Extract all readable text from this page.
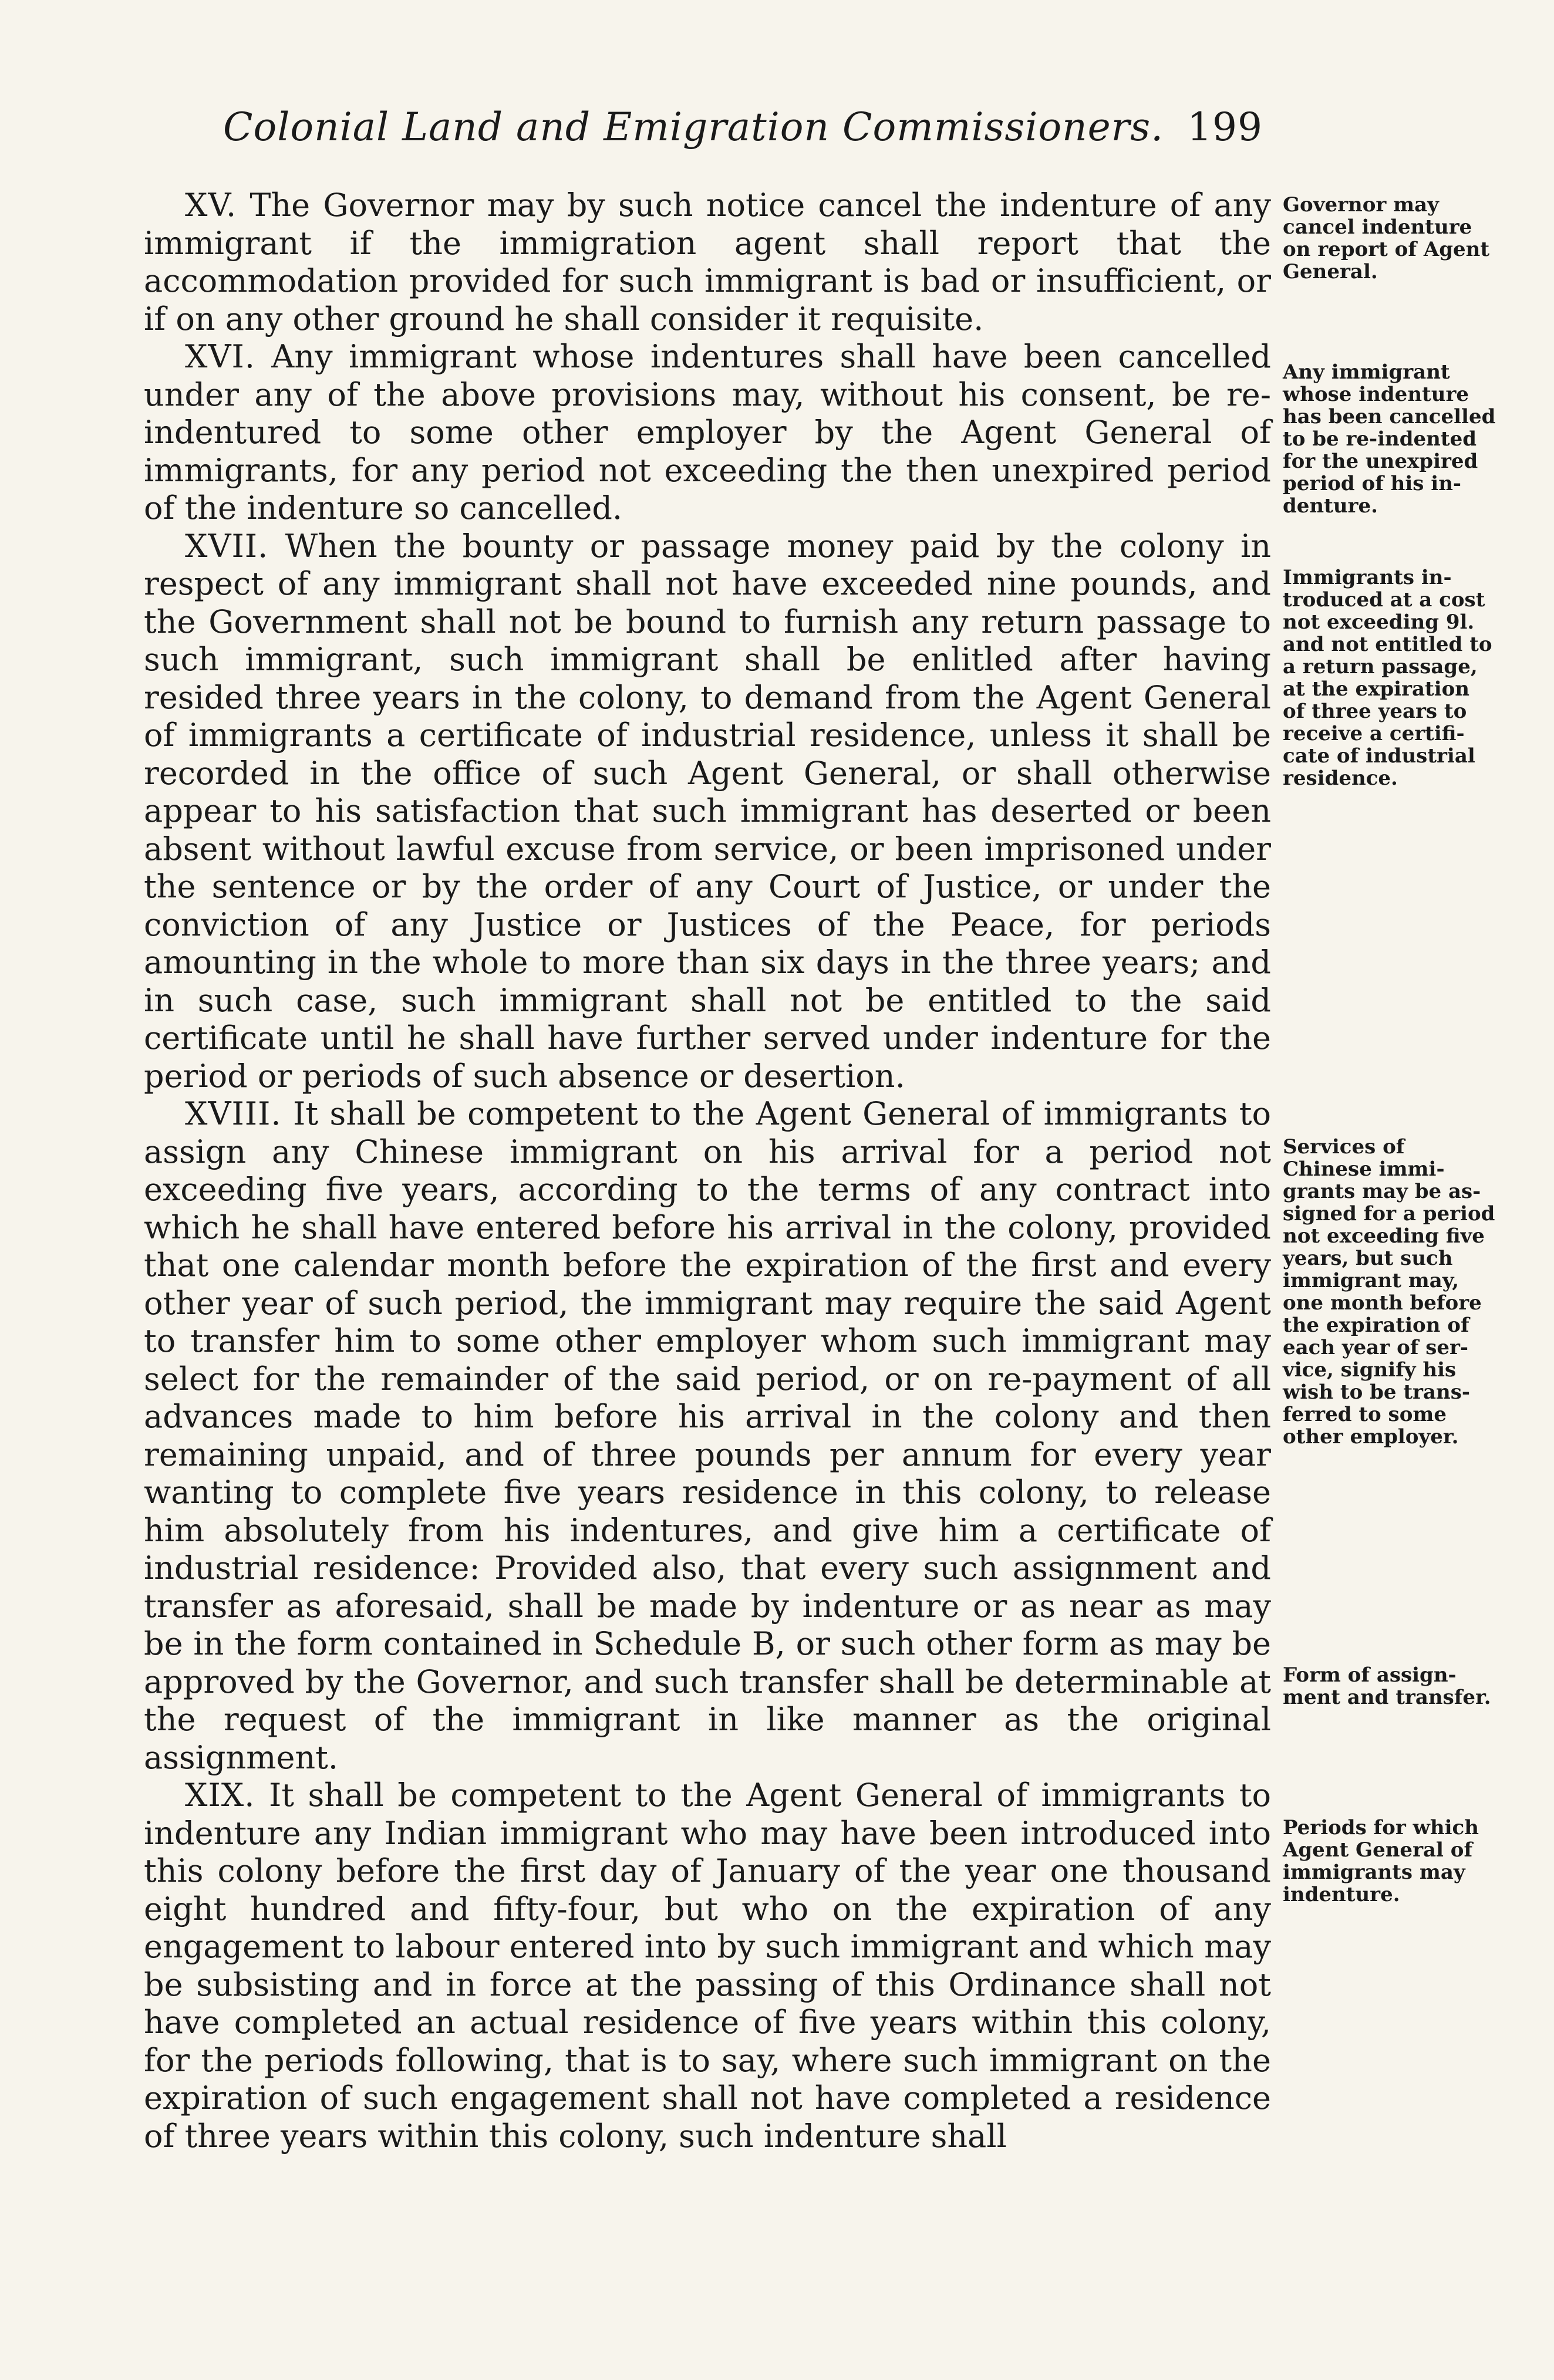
Colonial Land and Emigration Commissioners. 199

XV. The Governor may by such notice cancel the indenture of any immigrant if the immigration agent shall report that the accommodation provided for such immigrant is bad or insufficient, or if on any other ground he shall consider it requisite.

XVI. Any immigrant whose indentures shall have been cancelled under any of the above provisions may, without his consent, be re-indentured to some other employer by the Agent General of immigrants, for any period not exceeding the then unexpired period of the indenture so cancelled.

XVII. When the bounty or passage money paid by the colony in respect of any immigrant shall not have exceeded nine pounds, and the Government shall not be bound to furnish any return passage to such immigrant, such immigrant shall be enlitled after having resided three years in the colony, to demand from the Agent General of immigrants a certificate of industrial residence, unless it shall be recorded in the office of such Agent General, or shall otherwise appear to his satisfaction that such immigrant has deserted or been absent without lawful excuse from service, or been imprisoned under the sentence or by the order of any Court of Justice, or under the conviction of any Justice or Justices of the Peace, for periods amounting in the whole to more than six days in the three years; and in such case, such immigrant shall not be entitled to the said certificate until he shall have further served under indenture for the period or periods of such absence or desertion.

XVIII. It shall be competent to the Agent General of immigrants to assign any Chinese immigrant on his arrival for a period not exceeding five years, according to the terms of any contract into which he shall have entered before his arrival in the colony, provided that one calendar month before the expiration of the first and every other year of such period, the immigrant may require the said Agent to transfer him to some other employer whom such immigrant may select for the remainder of the said period, or on re-payment of all advances made to him before his arrival in the colony and then remaining unpaid, and of three pounds per annum for every year wanting to complete five years residence in this colony, to release him absolutely from his indentures, and give him a certificate of industrial residence: Provided also, that every such assignment and transfer as aforesaid, shall be made by indenture or as near as may be in the form contained in Schedule B, or such other form as may be approved by the Governor, and such transfer shall be determinable at the request of the immigrant in like manner as the original assignment.

XIX. It shall be competent to the Agent General of immigrants to indenture any Indian immigrant who may have been introduced into this colony before the first day of January of the year one thousand eight hundred and fifty-four, but who on the expiration of any engagement to labour entered into by such immigrant and which may be subsisting and in force at the passing of this Ordinance shall not have completed an actual residence of five years within this colony, for the periods following, that is to say, where such immigrant on the expiration of such engagement shall not have completed a residence of three years within this colony, such indenture shall

Governor may
cancel indenture
on report of Agent
General.
Any immigrant
whose indenture
has been cancelled
to be re-indented
for the unexpired
period of his in-
denture.
Immigrants in-
troduced at a cost
not exceeding 9l.
and not entitled to
a return passage,
at the expiration
of three years to
receive a certifi-
cate of industrial
residence.
Services of
Chinese immi-
grants may be as-
signed for a period
not exceeding five
years, but such
immigrant may,
one month before
the expiration of
each year of ser-
vice, signify his
wish to be trans-
ferred to some
other employer.
Form of assign-
ment and transfer.
Periods for which
Agent General of
immigrants may
indenture.
